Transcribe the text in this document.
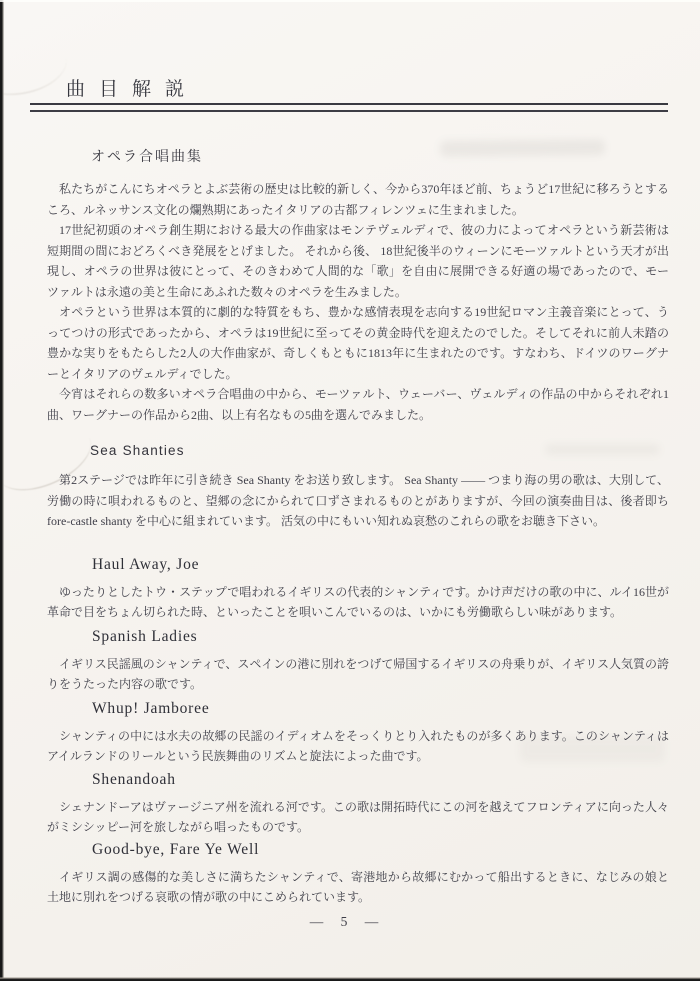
曲目解説
オペラ合唱曲集

私たちがこんにちオペラとよぶ芸術の歴史は比較的新しく、今から370年ほど前、ちょうど17世紀に移ろうとするころ、ルネッサンス文化の爛熟期にあったイタリアの古都フィレンツェに生まれました。

17世紀初頭のオペラ創生期における最大の作曲家はモンテヴェルディで、彼の力によってオペラという新芸術は短期間の間におどろくべき発展をとげました。 それから後、 18世紀後半のウィーンにモーツァルトという天才が出現し、オペラの世界は彼にとって、そのきわめて人間的な「歌」を自由に展開できる好適の場であったので、モーツァルトは永遠の美と生命にあふれた数々のオペラを生みました。

オペラという世界は本質的に劇的な特質をもち、豊かな感情表現を志向する19世紀ロマン主義音楽にとって、うってつけの形式であったから、オペラは19世紀に至ってその黄金時代を迎えたのでした。そしてそれに前人未踏の豊かな実りをもたらした2人の大作曲家が、奇しくもともに1813年に生まれたのです。すなわち、ドイツのワーグナーとイタリアのヴェルディでした。

今宵はそれらの数多いオペラ合唱曲の中から、モーツァルト、ウェーバー、ヴェルディの作品の中からそれぞれ1曲、ワーグナーの作品から2曲、以上有名なもの5曲を選んでみました。

Sea Shanties

第2ステージでは昨年に引き続き Sea Shanty をお送り致します。 Sea Shanty —— つまり海の男の歌は、大別して、労働の時に唄われるものと、望郷の念にかられて口ずさまれるものとがありますが、今回の演奏曲目は、後者即ち fore-castle shanty を中心に組まれています。 活気の中にもいい知れぬ哀愁のこれらの歌をお聴き下さい。

Haul Away, Joe

ゆったりとしたトウ・ステップで唱われるイギリスの代表的シャンティです。かけ声だけの歌の中に、ルイ16世が革命で目をちょん切られた時、といったことを唄いこんでいるのは、いかにも労働歌らしい味があります。

Spanish Ladies

イギリス民謡風のシャンティで、スペインの港に別れをつげて帰国するイギリスの舟乗りが、イギリス人気質の誇りをうたった内容の歌です。

Whup! Jamboree

シャンティの中には水夫の故郷の民謡のイディオムをそっくりとり入れたものが多くあります。このシャンティはアイルランドのリールという民族舞曲のリズムと旋法によった曲です。

Shenandoah

シェナンドーアはヴァージニア州を流れる河です。この歌は開拓時代にこの河を越えてフロンティアに向った人々がミシシッピー河を旅しながら唱ったものです。

Good-bye, Fare Ye Well

イギリス調の感傷的な美しさに満ちたシャンティで、寄港地から故郷にむかって船出するときに、なじみの娘と土地に別れをつげる哀歌の情が歌の中にこめられています。

— 5 —
